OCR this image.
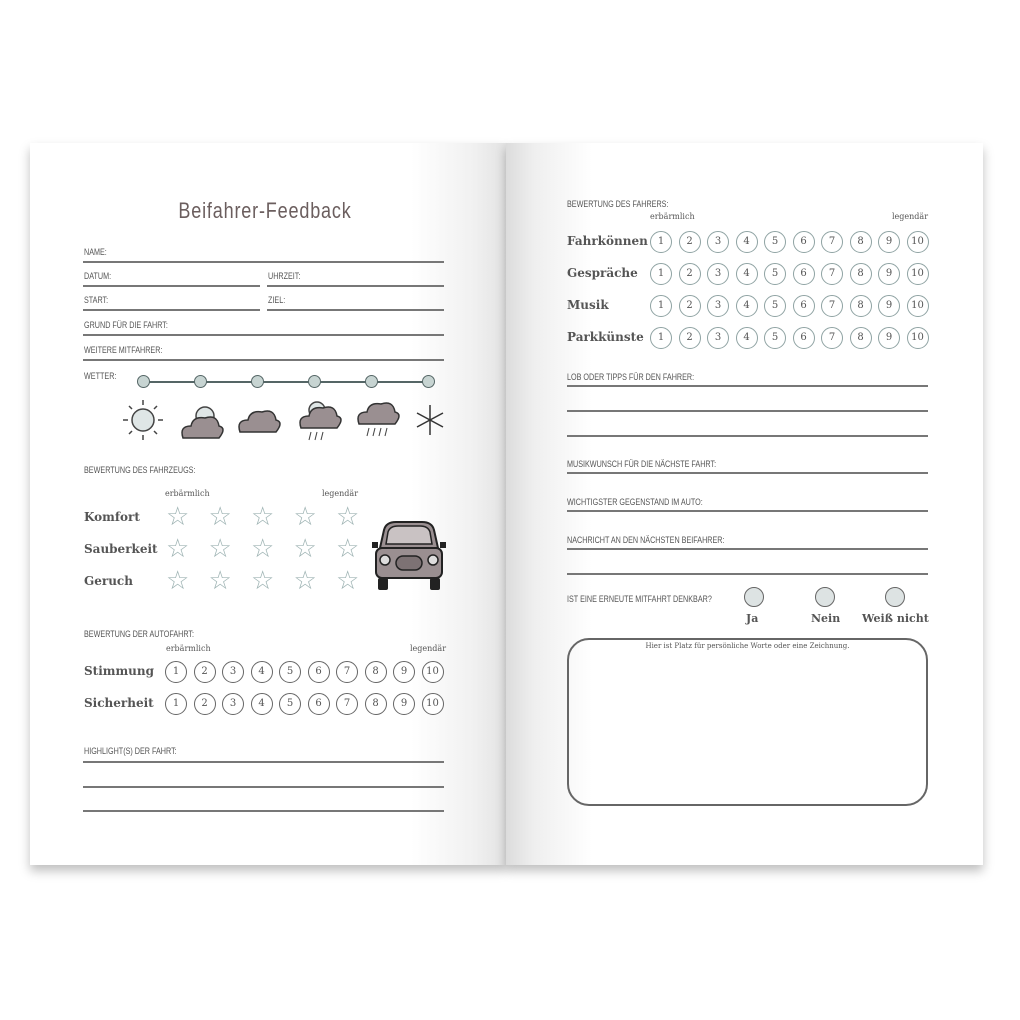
Beifahrer-Feedback
NAME:
DATUM:	UHRZEIT:
START:	ZIEL:
GRUND FÜR DIE FAHRT:
WEITERE MITFAHRER:
WETTER:
BEWERTUNG DES FAHRZEUGS:
erbärmlich	legendär
Komfort ☆ ☆ ☆ ☆ ☆
Sauberkeit ☆ ☆ ☆ ☆ ☆
Geruch ☆ ☆ ☆ ☆ ☆
BEWERTUNG DER AUTOFAHRT:
erbärmlich	legendär
Stimmung	1	2	3	4	5	6	7	8	9	10
Sicherheit	1	2	3	4	5	6	7	8	9	10
HIGHLIGHT(S) DER FAHRT:
BEWERTUNG DES FAHRERS:
erbärmlich	legendär
Fahrkönnen	1	2	3	4	5	6	7	8	9	10
Gespräche	1	2	3	4	5	6	7	8	9	10
Musik	1	2	3	4	5	6	7	8	9	10
Parkkünste	1	2	3	4	5	6	7	8	9	10
LOB ODER TIPPS FÜR DEN FAHRER:
MUSIKWUNSCH FÜR DIE NÄCHSTE FAHRT:
WICHTIGSTER GEGENSTAND IM AUTO:
NACHRICHT AN DEN NÄCHSTEN BEIFAHRER:
IST EINE ERNEUTE MITFAHRT DENKBAR?
Ja	Nein Weiß nicht
Hier ist Platz für persönliche Worte oder eine Zeichnung.
